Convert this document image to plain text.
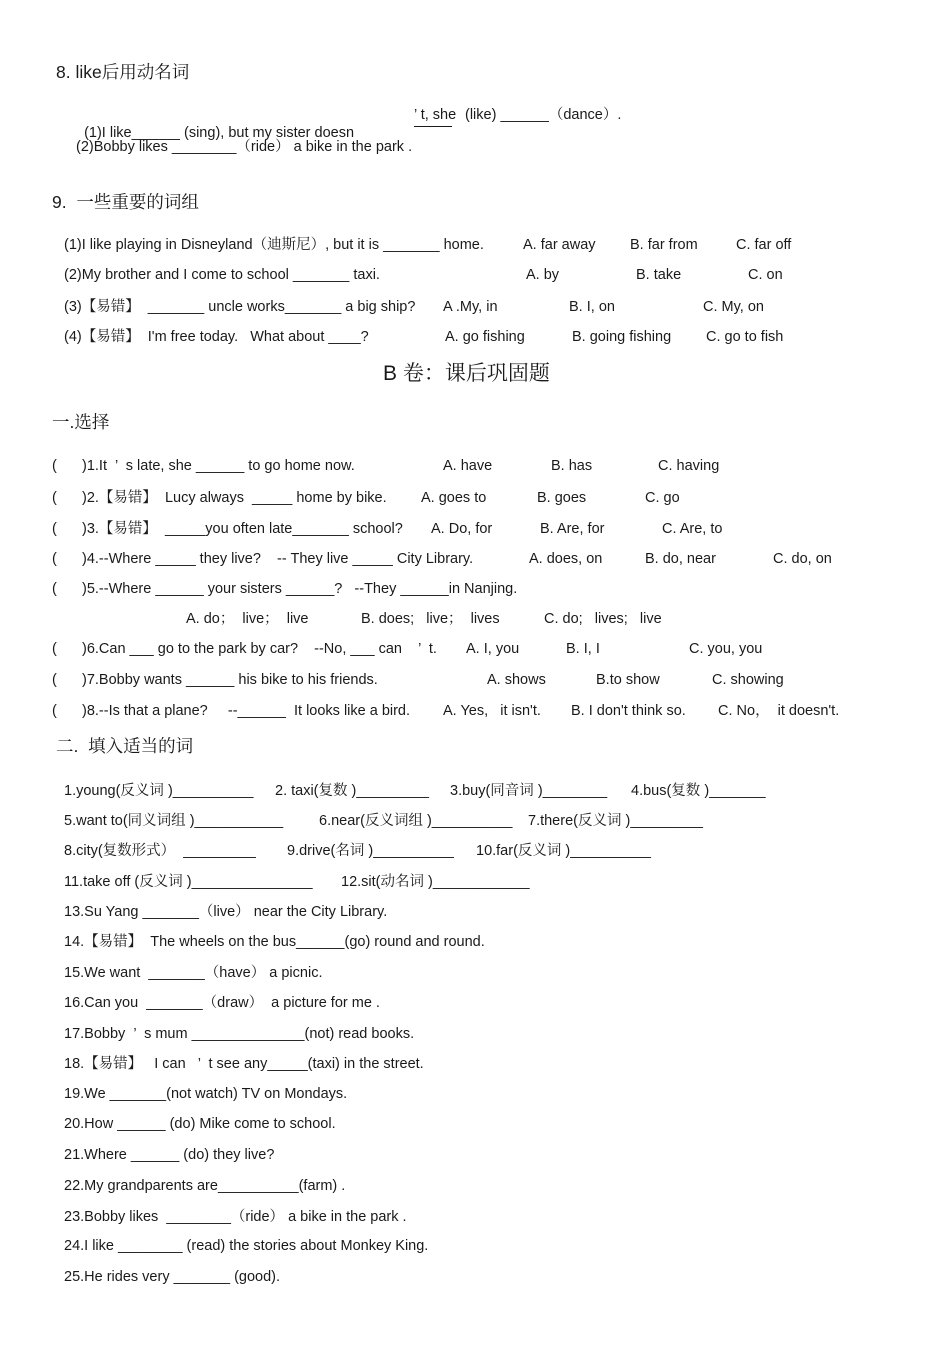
8. like后用动名词

(1)I like______ (sing), but my sister doesn

’ t, she (like) ______（dance）.
(2)Bobby likes ________（ride） a bike in the park .
9.  一些重要的词组
(1)I like playing in Disneyland（迪斯尼）, but it is _______ home.	A. far away B. far from	C. far off
(2)My brother and I come to school _______ taxi.	A. by	B. take	C. on
(3)【易错】  _______ uncle works_______ a big ship? A .My, in	B. I, on	C. My, on
(4)【易错】  I'm free today.   What about ____?	A. go fishing	B. going fishing C. go to fish
B 卷：课后巩固题
一.选择
( )1.It  ’  s late, she ______ to go home now.	A. have	B. has	C. having
( )2.【易错】  Lucy always  _____ home by bike. A. goes to	B. goes	C. go
( )3.【易错】  _____you often late_______ school? A. Do, for	B. Are, for	C. Are, to
( )4.--Where _____ they live?    -- They live _____ City Library.	A. does, on	B. do, near	C. do, on
( )5.--Where ______ your sisters ______?   --They ______in Nanjing.
A. do；  live；  live	B. does;   live；  lives	C. do;   lives;   live
( )6.Can ___ go to the park by car?    --No, ___ can    ’  t. A. I, you	B. I, I	C. you, you
( )7.Bobby wants ______ his bike to his friends.	A. shows	B.to show	C. showing
( )8.--Is that a plane?     --______  It looks like a bird. A. Yes,   it isn't. B. I don't think so. C. No，  it doesn't.
二.  填入适当的词
1.young(反义词 )__________ 2. taxi(复数 )_________ 3.buy(同音词 )________ 4.bus(复数 )_______
5.want to(同义词组 )___________ 6.near(反义词组 )__________ 7.there(反义词 )_________
8.city(复数形式）  _________ 9.drive(名词 )__________ 10.far(反义词 )__________
11.take off (反义词 )_______________ 12.sit(动名词 )____________
13.Su Yang _______（live） near the City Library.
14.【易错】  The wheels on the bus______(go) round and round.
15.We want  _______（have） a picnic.
16.Can you  _______（draw）  a picture for me .
17.Bobby  ’  s mum ______________(not) read books.
18.【易错】   I can   ’  t see any_____(taxi) in the street.
19.We _______(not watch) TV on Mondays.
20.How ______ (do) Mike come to school.
21.Where ______ (do) they live?
22.My grandparents are__________(farm) .
23.Bobby likes  ________（ride） a bike in the park .
24.I like ________ (read) the stories about Monkey King.
25.He rides very _______ (good).
